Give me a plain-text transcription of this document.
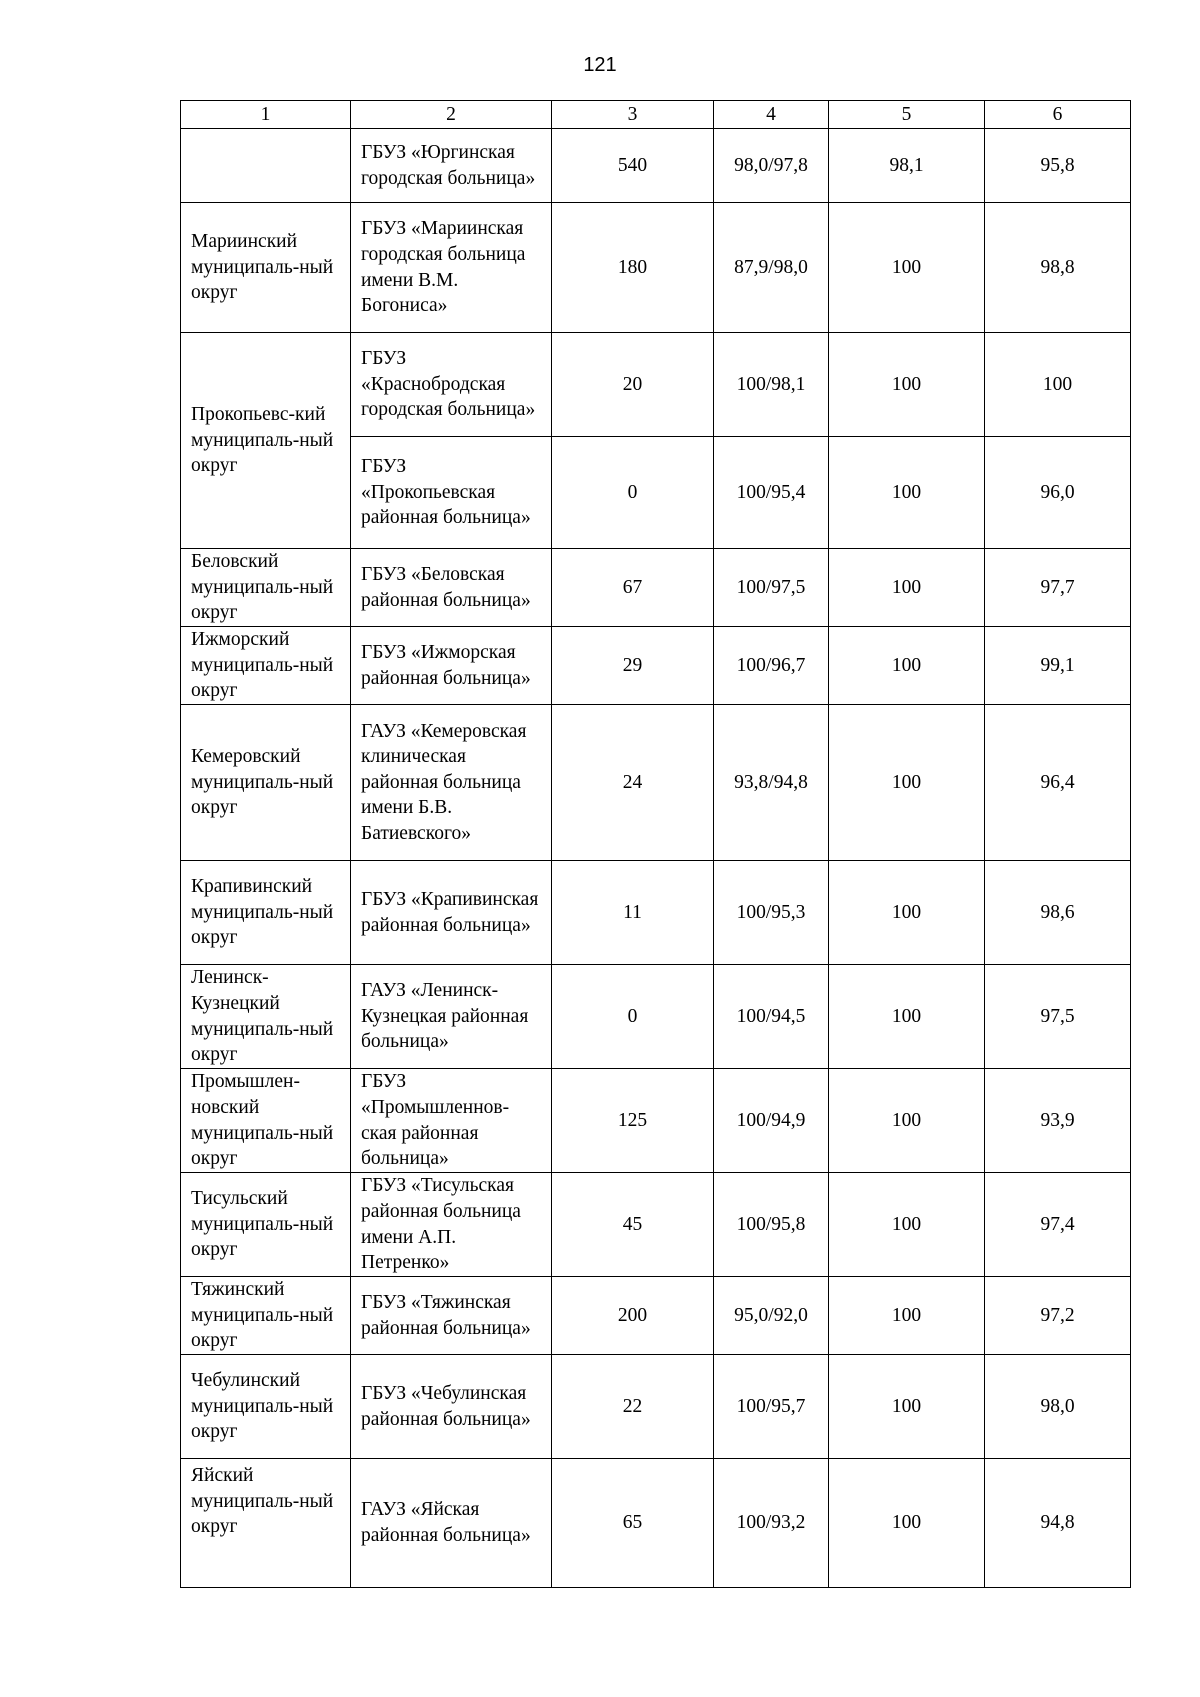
121
1	2	3	4	5	6
	ГБУЗ «Юргинская городская больница»	540	98,0/97,8	98,1	95,8
Мариинский муниципаль-ный округ	ГБУЗ «Мариинская городская больница имени В.М. Богониса»	180	87,9/98,0	100	98,8
Прокопьевс-кий муниципаль-ный округ	ГБУЗ «Краснобродская городская больница»	20	100/98,1	100	100
	ГБУЗ «Прокопьевская районная больница»	0	100/95,4	100	96,0
Беловский муниципаль-ный округ	ГБУЗ «Беловская районная больница»	67	100/97,5	100	97,7
Ижморский муниципаль-ный округ	ГБУЗ «Ижморская районная больница»	29	100/96,7	100	99,1
Кемеровский муниципаль-ный округ	ГАУЗ «Кемеровская клиническая районная больница имени Б.В. Батиевского»	24	93,8/94,8	100	96,4
Крапивинский муниципаль-ный округ	ГБУЗ «Крапивинская районная больница»	11	100/95,3	100	98,6
Ленинск-Кузнецкий муниципаль-ный округ	ГАУЗ «Ленинск-Кузнецкая районная больница»	0	100/94,5	100	97,5
Промышлен-новский муниципаль-ный округ	ГБУЗ «Промышленнов-ская районная больница»	125	100/94,9	100	93,9
Тисульский муниципаль-ный округ	ГБУЗ «Тисульская районная больница имени А.П. Петренко»	45	100/95,8	100	97,4
Тяжинский муниципаль-ный округ	ГБУЗ «Тяжинская районная больница»	200	95,0/92,0	100	97,2
Чебулинский муниципаль-ный округ	ГБУЗ «Чебулинская районная больница»	22	100/95,7	100	98,0
Яйский муниципаль-ный округ	ГАУЗ «Яйская районная больница»	65	100/93,2	100	94,8
